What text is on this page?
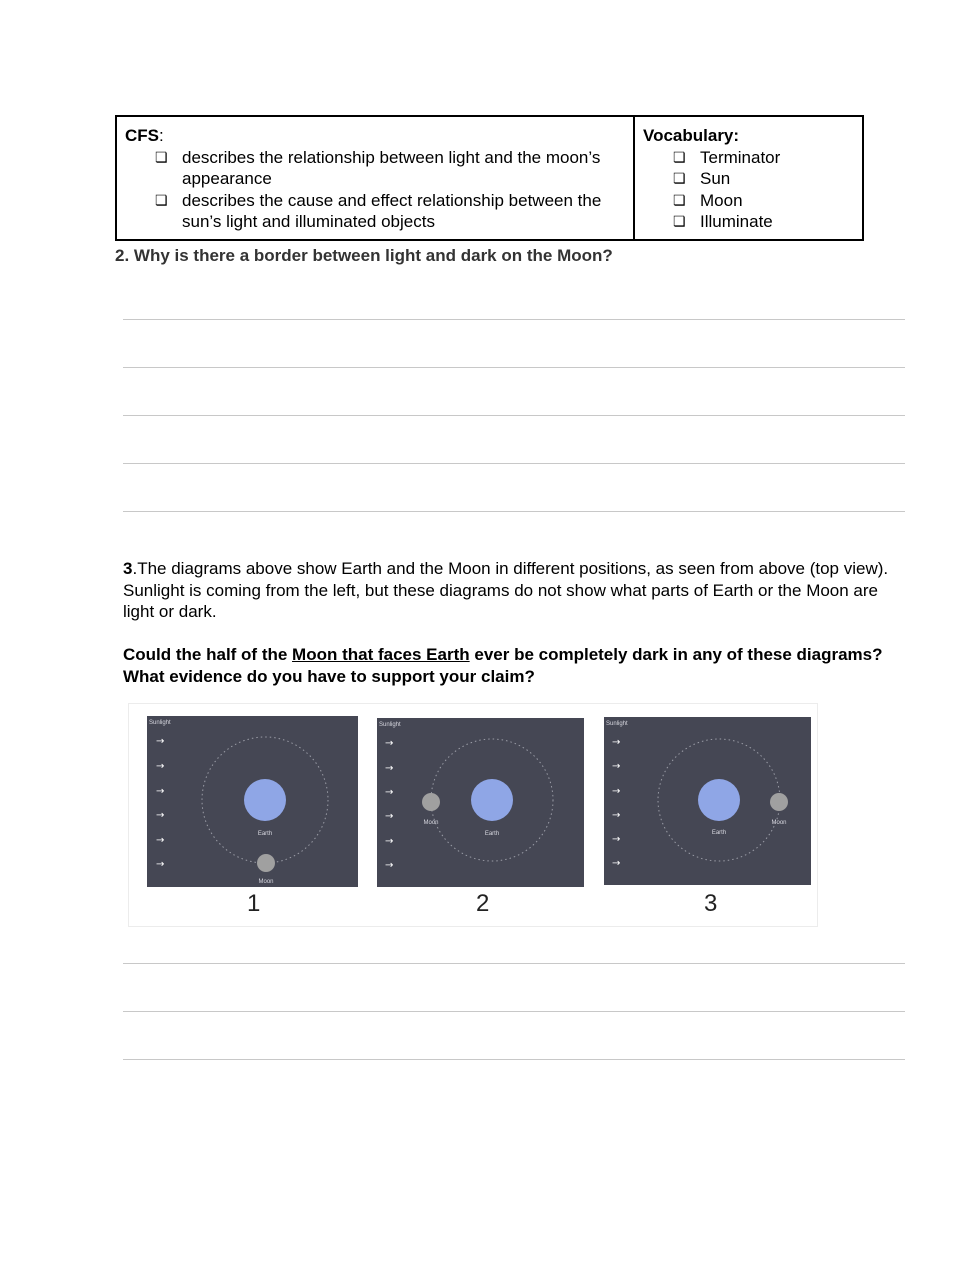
CFS:
❏ describes the relationship between light and the moon’s
appearance
❏ describes the cause and effect relationship between the
sun’s light and illuminated objects
Vocabulary:
❏ Terminator
❏ Sun
❏ Moon
❏ Illuminate

2. Why is there a border between light and dark on the Moon?

3.The diagrams above show Earth and the Moon in different positions, as seen from above (top view). Sunlight is coming from the left, but these diagrams do not show what parts of Earth or the Moon are light or dark.

Could the half of the Moon that faces Earth ever be completely dark in any of these diagrams? What evidence do you have to support your claim?

Sunlight
→
→
→
→
→
→
Earth
Moon
1
Sunlight
→
→
→
→
→
→
Earth
Moon
2
Sunlight
→
→
→
→
→
→
Earth
Moon
3
